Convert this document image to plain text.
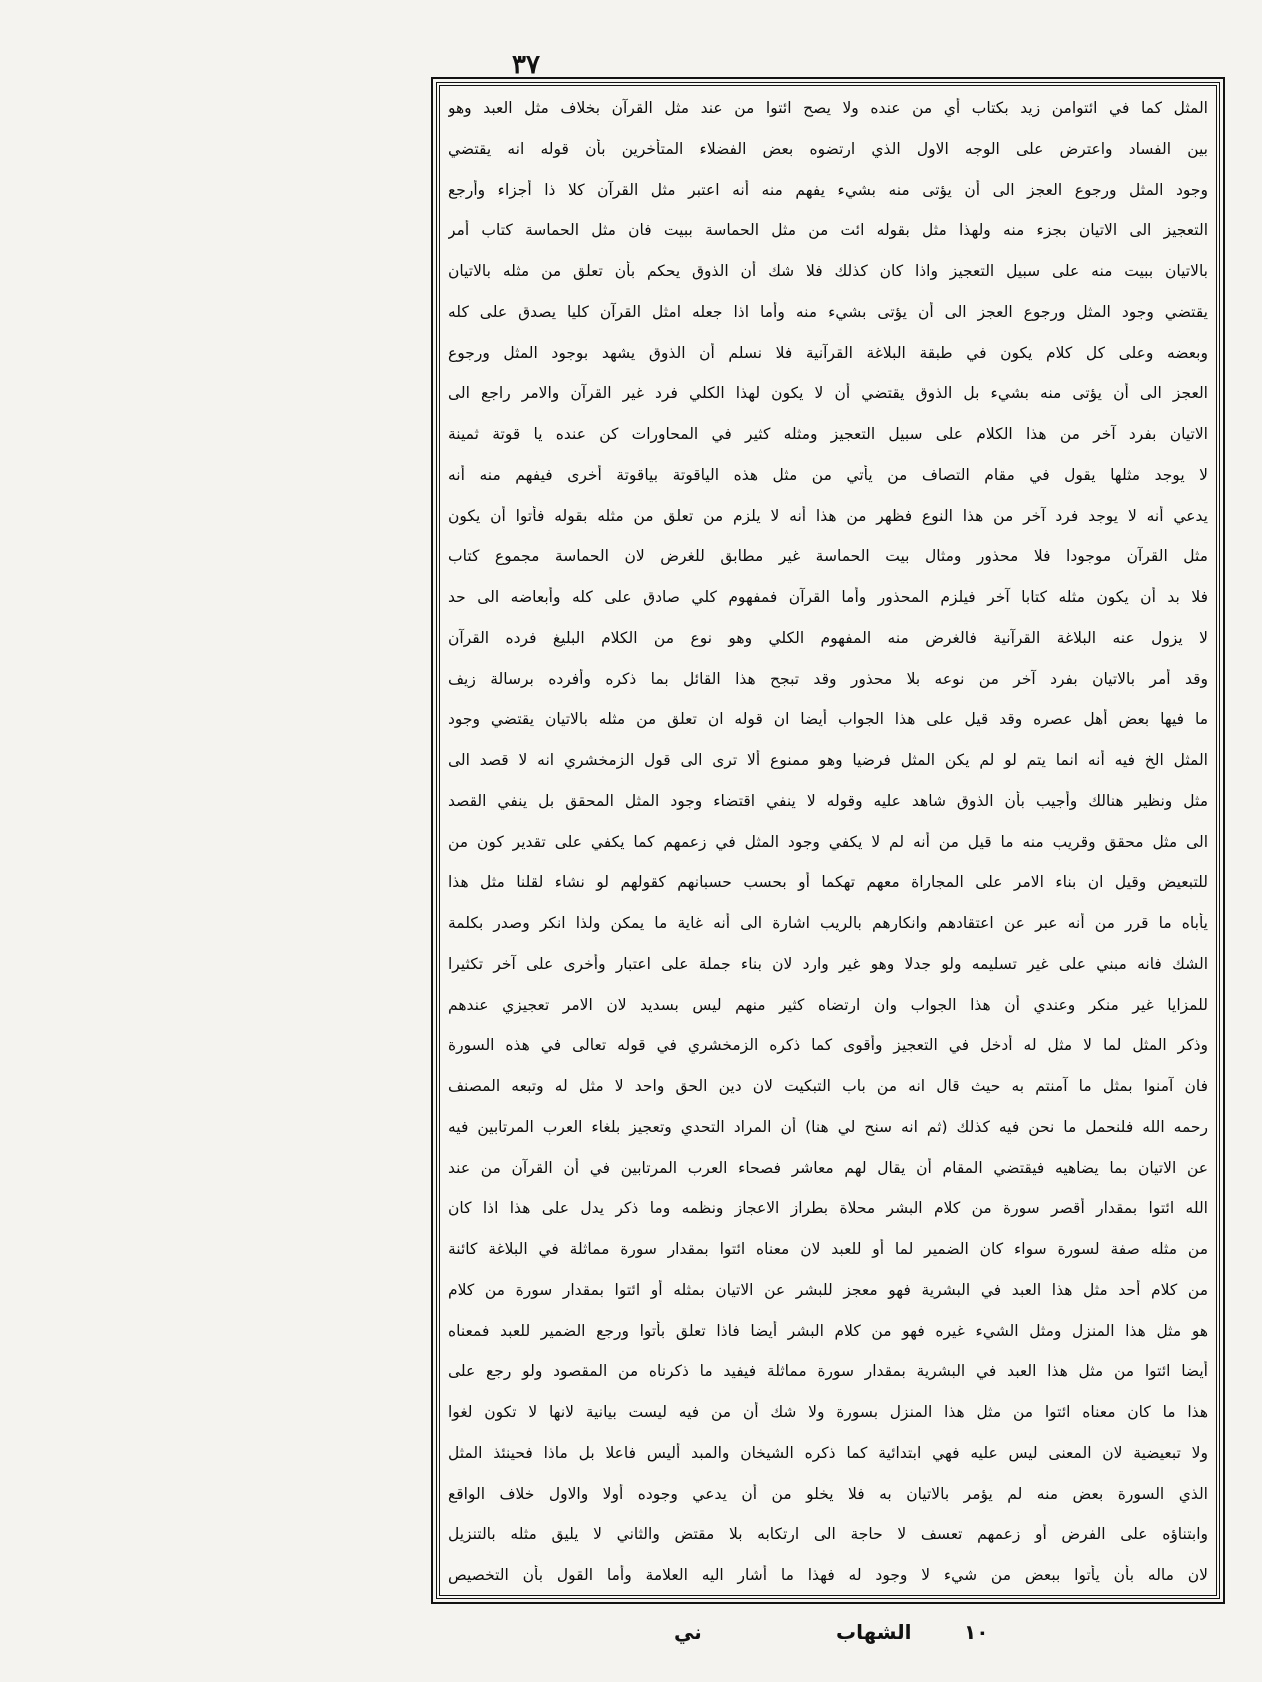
٣٧
المثل كما في ائتوامن زيد بكتاب أي من عنده ولا يصح ائتوا من عند مثل القرآن بخلاف مثل العبد وهو
بين الفساد واعترض على الوجه الاول الذي ارتضوه بعض الفضلاء المتأخرين بأن قوله انه يقتضي
وجود المثل ورجوع العجز الى أن يؤتى منه بشيء يفهم منه أنه اعتبر مثل القرآن كلا ذا أجزاء وأرجع
التعجيز الى الاتيان بجزء منه ولهذا مثل بقوله ائت من مثل الحماسة ببيت فان مثل الحماسة كتاب أمر
بالاتيان ببيت منه على سبيل التعجيز واذا كان كذلك فلا شك أن الذوق يحكم بأن تعلق من مثله بالاتيان
يقتضي وجود المثل ورجوع العجز الى أن يؤتى بشيء منه وأما اذا جعله امثل القرآن كليا يصدق على كله
وبعضه وعلى كل كلام يكون في طبقة البلاغة القرآنية فلا نسلم أن الذوق يشهد بوجود المثل ورجوع
العجز الى أن يؤتى منه بشيء بل الذوق يقتضي أن لا يكون لهذا الكلي فرد غير القرآن والامر راجع الى
الاتيان بفرد آخر من هذا الكلام على سبيل التعجيز ومثله كثير في المحاورات كن عنده يا قوتة ثمينة
لا يوجد مثلها يقول في مقام التصاف من يأتي من مثل هذه الياقوتة بياقوتة أخرى فيفهم منه أنه
يدعي أنه لا يوجد فرد آخر من هذا النوع فظهر من هذا أنه لا يلزم من تعلق من مثله بقوله فأتوا أن يكون
مثل القرآن موجودا فلا محذور ومثال بيت الحماسة غير مطابق للغرض لان الحماسة مجموع كتاب
فلا بد أن يكون مثله كتابا آخر فيلزم المحذور وأما القرآن فمفهوم كلي صادق على كله وأبعاضه الى حد
لا يزول عنه البلاغة القرآنية فالغرض منه المفهوم الكلي وهو نوع من الكلام البليغ فرده القرآن
وقد أمر بالاتيان بفرد آخر من نوعه بلا محذور وقد تبجح هذا القائل بما ذكره وأفرده برسالة زيف
ما فيها بعض أهل عصره وقد قيل على هذا الجواب أيضا ان قوله ان تعلق من مثله بالاتيان يقتضي وجود
المثل الخ فيه أنه انما يتم لو لم يكن المثل فرضيا وهو ممنوع ألا ترى الى قول الزمخشري انه لا قصد الى
مثل ونظير هنالك وأجيب بأن الذوق شاهد عليه وقوله لا ينفي اقتضاء وجود المثل المحقق بل ينفي القصد
الى مثل محقق وقريب منه ما قيل من أنه لم لا يكفي وجود المثل في زعمهم كما يكفي على تقدير كون من
للتبعيض وقيل ان بناء الامر على المجاراة معهم تهكما أو بحسب حسبانهم كقولهم لو نشاء لقلنا مثل هذا
يأباه ما قرر من أنه عبر عن اعتقادهم وانكارهم بالريب اشارة الى أنه غاية ما يمكن ولذا انكر وصدر بكلمة
الشك فانه مبني على غير تسليمه ولو جدلا وهو غير وارد لان بناء جملة على اعتبار وأخرى على آخر تكثيرا
للمزايا غير منكر وعندي أن هذا الجواب وان ارتضاه كثير منهم ليس بسديد لان الامر تعجيزي عندهم
وذكر المثل لما لا مثل له أدخل في التعجيز وأقوى كما ذكره الزمخشري في قوله تعالى في هذه السورة
فان آمنوا بمثل ما آمنتم به حيث قال انه من باب التبكيت لان دين الحق واحد لا مثل له وتبعه المصنف
رحمه الله فلنحمل ما نحن فيه كذلك (ثم انه سنح لي هنا) أن المراد التحدي وتعجيز بلغاء العرب المرتابين فيه
عن الاتيان بما يضاهيه فيقتضي المقام أن يقال لهم معاشر فصحاء العرب المرتابين في أن القرآن من عند
الله ائتوا بمقدار أقصر سورة من كلام البشر محلاة بطراز الاعجاز ونظمه وما ذكر يدل على هذا اذا كان
من مثله صفة لسورة سواء كان الضمير لما أو للعبد لان معناه ائتوا بمقدار سورة مماثلة في البلاغة كائنة
من كلام أحد مثل هذا العبد في البشرية فهو معجز للبشر عن الاتيان بمثله أو ائتوا بمقدار سورة من كلام
هو مثل هذا المنزل ومثل الشيء غيره فهو من كلام البشر أيضا فاذا تعلق بأتوا ورجع الضمير للعبد فمعناه
أيضا ائتوا من مثل هذا العبد في البشرية بمقدار سورة مماثلة فيفيد ما ذكرناه من المقصود ولو رجع على
هذا ما كان معناه ائتوا من مثل هذا المنزل بسورة ولا شك أن من فيه ليست بيانية لانها لا تكون لغوا
ولا تبعيضية لان المعنى ليس عليه فهي ابتدائية كما ذكره الشيخان والمبد أليس فاعلا بل ماذا فحينئذ المثل
الذي السورة بعض منه لم يؤمر بالاتيان به فلا يخلو من أن يدعي وجوده أولا والاول خلاف الواقع
وابتناؤه على الفرض أو زعمهم تعسف لا حاجة الى ارتكابه بلا مقتض والثاني لا يليق مثله بالتنزيل
لان ماله بأن يأتوا ببعض من شيء لا وجود له فهذا ما أشار اليه العلامة وأما القول بأن التخصيص
ني	الشهاب	١٠
